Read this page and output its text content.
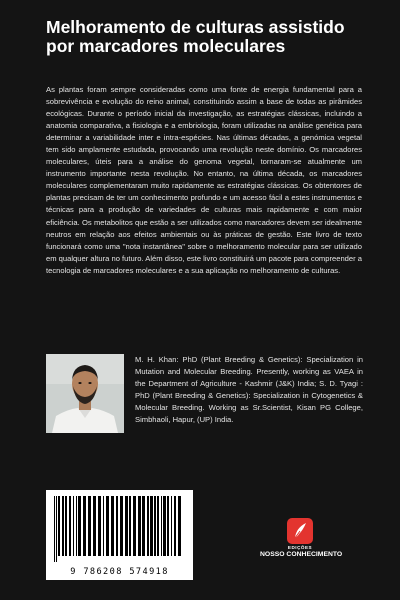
Melhoramento de culturas assistido por marcadores moleculares

As plantas foram sempre consideradas como uma fonte de energia fundamental para a sobrevivência e evolução do reino animal, constituindo assim a base de todas as pirâmides ecológicas. Durante o período inicial da investigação, as estratégias clássicas, incluindo a anatomia comparativa, a fisiologia e a embriologia, foram utilizadas na análise genética para determinar a variabilidade inter e intra-espécies. Nas últimas décadas, a genómica vegetal tem sido amplamente estudada, provocando uma revolução neste domínio. Os marcadores moleculares, úteis para a análise do genoma vegetal, tornaram-se atualmente um instrumento importante nesta revolução. No entanto, na última década, os marcadores moleculares complementaram muito rapidamente as estratégias clássicas. Os obtentores de plantas precisam de ter um conhecimento profundo e um acesso fácil a estes instrumentos e técnicas para a produção de variedades de culturas mais rapidamente e com maior eficiência. Os metabolitos que estão a ser utilizados como marcadores devem ser idealmente neutros em relação aos efeitos ambientais ou às práticas de gestão. Este livro de texto funcionará como uma "nota instantânea" sobre o melhoramento molecular para ser utilizado em qualquer altura no futuro. Além disso, este livro constituirá um pacote para compreender a tecnologia de marcadores moleculares e a sua aplicação no melhoramento de culturas.

M. H. Khan: PhD (Plant Breeding & Genetics): Specialization in Mutation and Molecular Breeding. Presently, working as VAEA in the Department of Agriculture - Kashmir (J&K) India; S. D. Tyagi : PhD (Plant Breeding & Genetics): Specialization in Cytogenetics & Molecular Breeding. Working as Sr.Scientist, Kisan PG College, Simbhaoli, Hapur, (UP) India.

9 786208 574918
EDIÇÕES
NOSSO CONHECIMENTO
